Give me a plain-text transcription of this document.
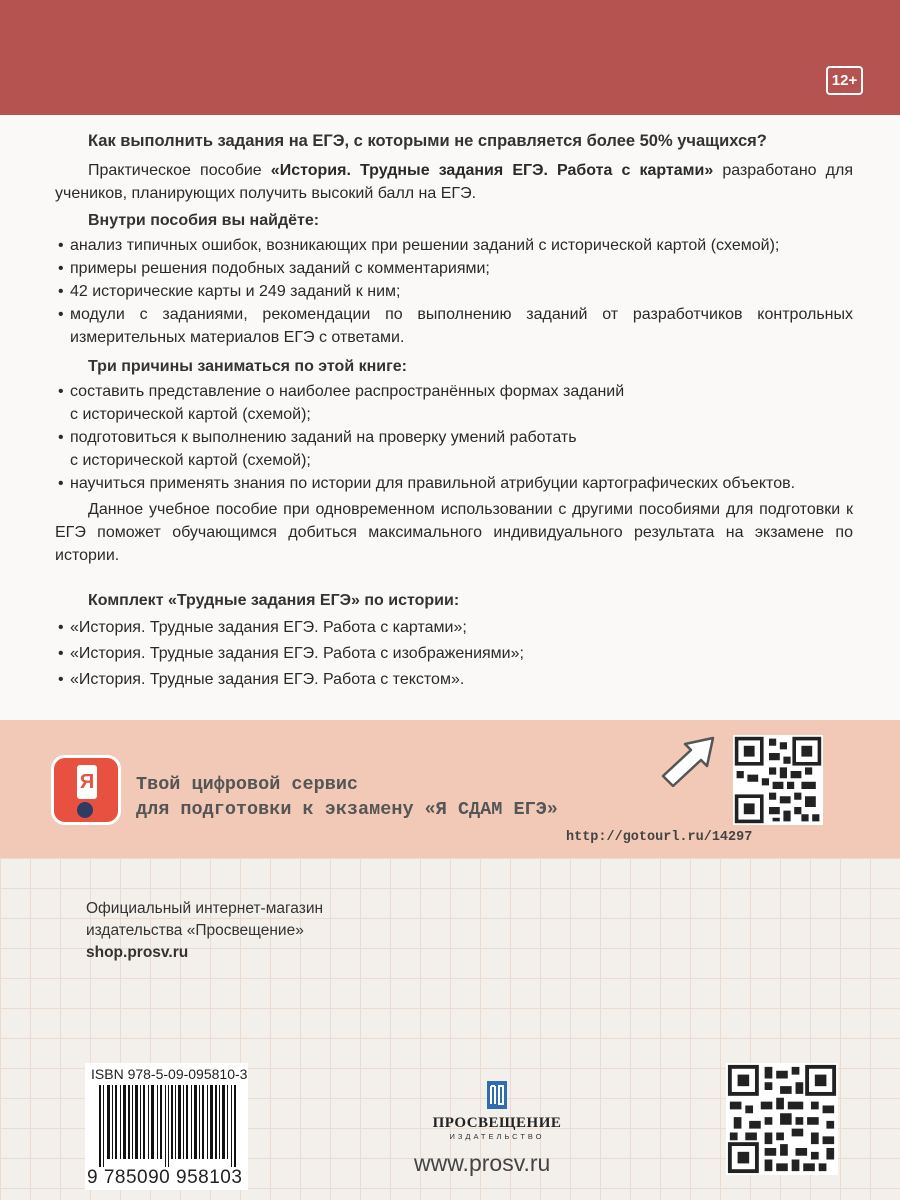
12+
Как выполнить задания на ЕГЭ, с которыми не справляется более 50% учащихся?
Практическое пособие «История. Трудные задания ЕГЭ. Работа с картами» разработано для учеников, планирующих получить высокий балл на ЕГЭ.
Внутри пособия вы найдёте:
• анализ типичных ошибок, возникающих при решении заданий с исторической картой (схемой);
• примеры решения подобных заданий с комментариями;
• 42 исторические карты и 249 заданий к ним;
• модули с заданиями, рекомендации по выполнению заданий от разработчиков контрольных измерительных материалов ЕГЭ с ответами.
Три причины заниматься по этой книге:
• составить представление о наиболее распространённых формах заданий
с исторической картой (схемой);
• подготовиться к выполнению заданий на проверку умений работать
с исторической картой (схемой);
• научиться применять знания по истории для правильной атрибуции картографических объектов.
Данное учебное пособие при одновременном использовании с другими пособиями для подготовки к ЕГЭ поможет обучающимся добиться максимального индивидуального результата на экзамене по истории.
Комплект «Трудные задания ЕГЭ» по истории:
• «История. Трудные задания ЕГЭ. Работа с картами»;
• «История. Трудные задания ЕГЭ. Работа с изображениями»;
• «История. Трудные задания ЕГЭ. Работа с текстом».
Я Твой цифровой сервис
для подготовки к экзамену «Я СДАМ ЕГЭ»
http://gotourl.ru/14297
Официальный интернет-магазин
издательства «Просвещение»
shop.prosv.ru
ISBN 978-5-09-095810-3
9 785090 958103
ПРОСВЕЩЕНИЕ
ИЗДАТЕЛЬСТВО
www.prosv.ru
